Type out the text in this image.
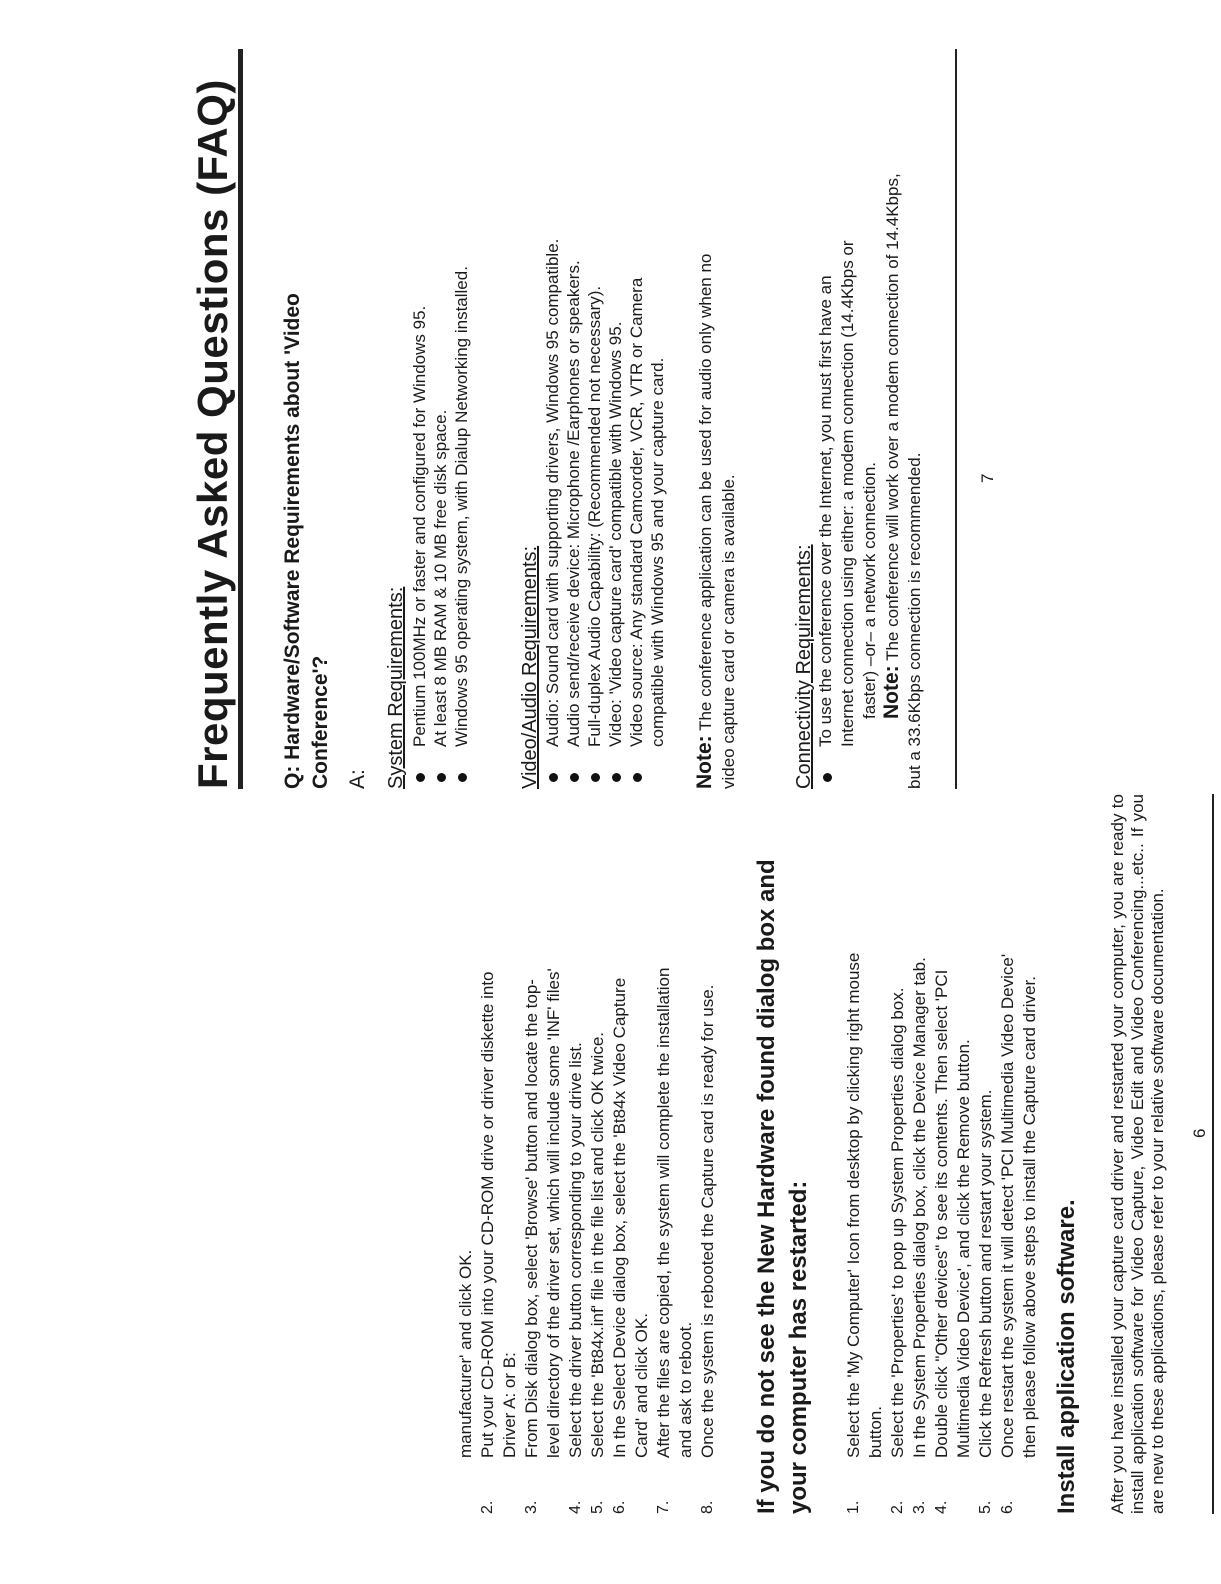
manufacturer' and click OK.
2.
Put your CD-ROM into your CD-ROM drive or driver diskette into Driver A: or B:
3.
From Disk dialog box, select 'Browse' button and locate the top- level directory of the driver set, which will include some 'INF' files'
4.
Select the driver button corresponding to your drive list.
5.
Select the 'Bt84x.inf' file in the file list and click OK twice.
6.
In the Select Device dialog box, select the 'Bt84x Video Capture Card' and click OK.
7.
After the files are copied, the system will complete the installation and ask to reboot.
8.
Once the system is rebooted the Capture card is ready for use. If you do not see the New Hardware found dialog box and your computer has restarted: 1.
Select the 'My Computer' Icon from desktop by clicking right mouse button.
2.
Select the 'Properties' to pop up System Properties dialog box.
3.
In the System Properties dialog box, click the Device Manager tab.
4.
Double click "Other devices" to see its contents. Then select 'PCI Multimedia Video Device', and click the Remove button.
5.
Click the Refresh button and restart your system.
6.
Once restart the system it will detect 'PCI Multimedia Video Device' then please follow above steps to install the Capture card driver. Install application software. After you have installed your capture card driver and restarted your computer, you are ready to install application software for Video Capture, Video Edit and Video Conferencing...etc.. If you are new to these applications, please refer to your relative software documentation. 6
Frequently Asked Questions (FAQ) Q: Hardware/Software Requirements about 'Video Conference'? A: System Requirements: Pentium 100MHz or faster and configured for Windows 95. At least 8 MB RAM & 10 MB free disk space. Windows 95 operating system, with Dialup Networking installed. Video/Audio Requirements: Audio: Sound card with supporting drivers, Windows 95 compatible. Audio send/receive device: Microphone /Earphones or speakers. Full-duplex Audio Capability: (Recommended not necessary). Video: 'Video capture card' compatible with Windows 95. Video source: Any standard Camcorder, VCR, VTR or Camera compatible with Windows 95 and your capture card.
Note: The conference application can be used for audio only when no video capture card or camera is available.	Connectivity Requirements: To use the conference over the Internet, you must first have an Internet connection using either: a modem connection (14.4Kbps or faster) –or– a network connection. Note: The conference will work over a modem connection of 14.4Kbps, but a 33.6Kbps connection is recommended.	7
